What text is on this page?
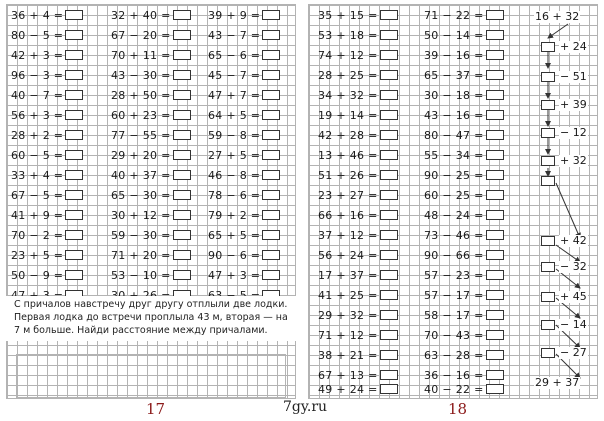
36 + 4 =
80 − 5 =
42 + 3 =
96 − 3 =
40 − 7 =
56 + 3 =
28 + 2 =
60 − 5 =
33 + 4 =
67 − 5 =
41 + 9 =
70 − 2 =
23 + 5 =
50 − 9 =
32 + 40 =
67 − 20 =
70 + 11 =
43 − 30 =
28 + 50 =
60 + 23 =
77 − 55 =
29 + 20 =
40 + 37 =
65 − 30 =
30 + 12 =
59 − 30 =
71 + 20 =
53 − 10 =
39 + 9 =
43 − 7 =
65 − 6 =
45 − 7 =
47 + 7 =
64 + 5 =
59 − 8 =
27 + 5 =
46 − 8 =
78 − 6 =
79 + 2 =
65 + 5 =
90 − 6 =
47 + 3 =
С причалов навстречу друг другу отплыли две лодки. Первая лодка до встречи проплыла 43 м, вторая — на 7 м больше. Найди расстояние между причалами.
35 + 15 =
53 + 18 =
74 + 12 =
28 + 25 =
34 + 32 =
19 + 14 =
42 + 28 =
13 + 46 =
51 + 26 =
23 + 27 =
66 + 16 =
37 + 12 =
56 + 24 =
17 + 37 =
41 + 25 =
29 + 32 =
71 + 12 =
38 + 21 =
67 + 13 =
49 + 24 =
71 − 22 =
50 − 14 =
39 − 16 =
65 − 37 =
30 − 18 =
43 − 16 =
80 − 47 =
55 − 34 =
90 − 25 =
60 − 25 =
48 − 24 =
73 − 46 =
90 − 66 =
57 − 23 =
57 − 17 =
58 − 17 =
70 − 43 =
63 − 28 =
36 − 16 =
40 − 22 =
16 + 32
+ 24
− 51
+ 39
− 12
+ 32
+ 42
− 32
+ 45
− 14
− 27
29 + 37
17	7gy.ru	18
